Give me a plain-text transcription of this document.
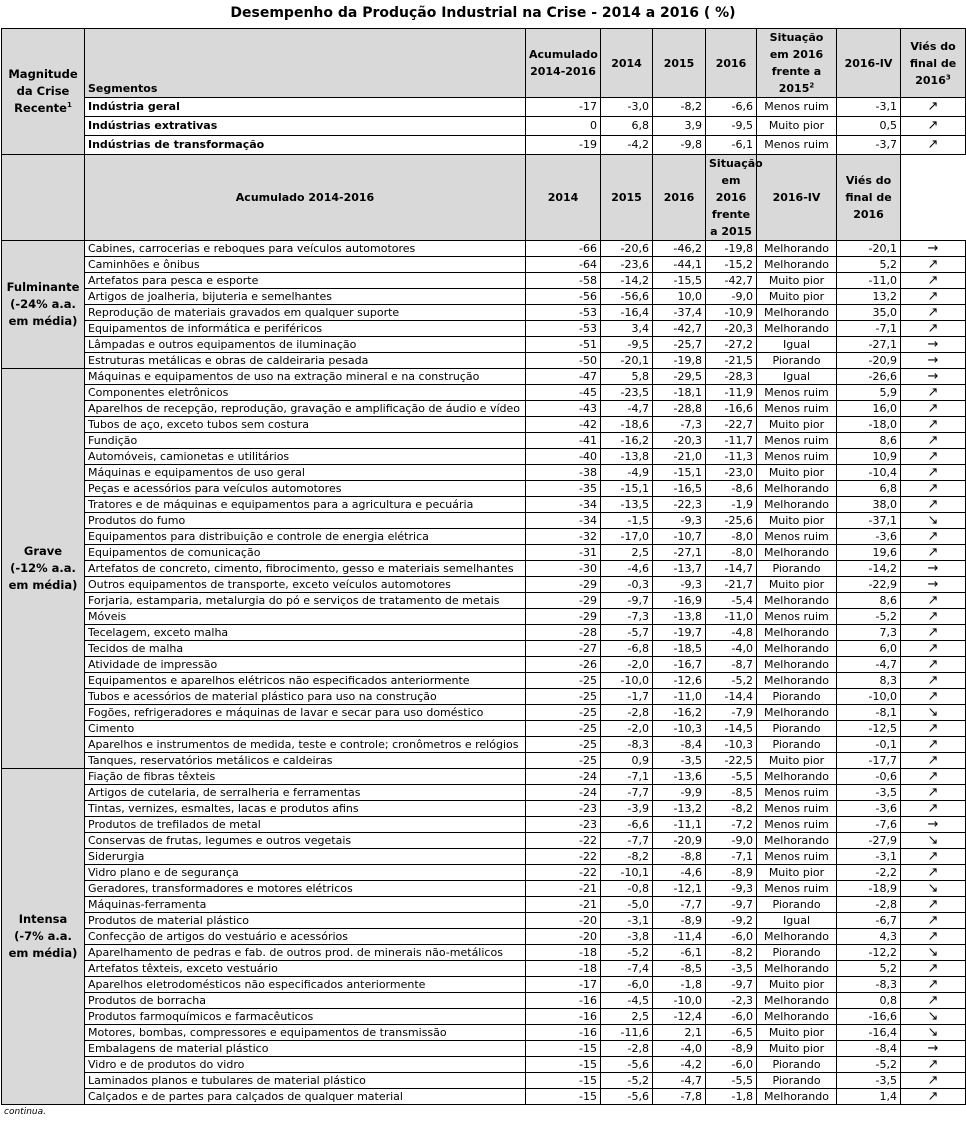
Desempenho da Produção Industrial na Crise - 2014 a 2016 ( %)
Magnitude da Crise Recente$^1$	Segmentos	Acumulado 2014-2016	2014	2015	2016	Situação em 2016 frente a 2015$^2$	2016-IV	Viés do final de 2016$^3$
	Indústria geral	-17	-3,0	-8,2	-6,6	Menos ruim	-3,1	↗
	Indústrias extrativas	0	6,8	3,9	-9,5	Muito pior	0,5	↗
	Indústrias de transformação	-19	-4,2	-9,8	-6,1	Menos ruim	-3,7	↗
	Acumulado 2014-2016	2014	2015	2016	Situação em 2016 frente a 2015	2016-IV	Viés do final de 2016	
Fulminante (-24% a.a. em média)	Cabines, carrocerias e reboques para veículos automotores	-66	-20,6	-46,2	-19,8	Melhorando	-20,1	→
	Caminhões e ônibus	-64	-23,6	-44,1	-15,2	Melhorando	5,2	↗
	Artefatos para pesca e esporte	-58	-14,2	-15,5	-42,7	Muito pior	-11,0	↗
	Artigos de joalheria, bijuteria e semelhantes	-56	-56,6	10,0	-9,0	Muito pior	13,2	↗
	Reprodução de materiais gravados em qualquer suporte	-53	-16,4	-37,4	-10,9	Melhorando	35,0	↗
	Equipamentos de informática e periféricos	-53	3,4	-42,7	-20,3	Melhorando	-7,1	↗
	Lâmpadas e outros equipamentos de iluminação	-51	-9,5	-25,7	-27,2	Igual	-27,1	→
	Estruturas metálicas e obras de caldeiraria pesada	-50	-20,1	-19,8	-21,5	Piorando	-20,9	→
Grave (-12% a.a. em média)	Máquinas e equipamentos de uso na extração mineral e na construção	-47	5,8	-29,5	-28,3	Igual	-26,6	→
	Componentes eletrônicos	-45	-23,5	-18,1	-11,9	Menos ruim	5,9	↗
	Aparelhos de recepção, reprodução, gravação e amplificação de áudio e vídeo	-43	-4,7	-28,8	-16,6	Menos ruim	16,0	↗
	Tubos de aço, exceto tubos sem costura	-42	-18,6	-7,3	-22,7	Muito pior	-18,0	↗
	Fundição	-41	-16,2	-20,3	-11,7	Menos ruim	8,6	↗
	Automóveis, camionetas e utilitários	-40	-13,8	-21,0	-11,3	Menos ruim	10,9	↗
	Máquinas e equipamentos de uso geral	-38	-4,9	-15,1	-23,0	Muito pior	-10,4	↗
	Peças e acessórios para veículos automotores	-35	-15,1	-16,5	-8,6	Melhorando	6,8	↗
	Tratores e de máquinas e equipamentos para a agricultura e pecuária	-34	-13,5	-22,3	-1,9	Melhorando	38,0	↗
	Produtos do fumo	-34	-1,5	-9,3	-25,6	Muito pior	-37,1	↘
	Equipamentos para distribuição e controle de energia elétrica	-32	-17,0	-10,7	-8,0	Menos ruim	-3,6	↗
	Equipamentos de comunicação	-31	2,5	-27,1	-8,0	Melhorando	19,6	↗
	Artefatos de concreto, cimento, fibrocimento, gesso e materiais semelhantes	-30	-4,6	-13,7	-14,7	Piorando	-14,2	→
	Outros equipamentos de transporte, exceto veículos automotores	-29	-0,3	-9,3	-21,7	Muito pior	-22,9	→
	Forjaria, estamparia, metalurgia do pó e serviços de tratamento de metais	-29	-9,7	-16,9	-5,4	Melhorando	8,6	↗
	Móveis	-29	-7,3	-13,8	-11,0	Menos ruim	-5,2	↗
	Tecelagem, exceto malha	-28	-5,7	-19,7	-4,8	Melhorando	7,3	↗
	Tecidos de malha	-27	-6,8	-18,5	-4,0	Melhorando	6,0	↗
	Atividade de impressão	-26	-2,0	-16,7	-8,7	Melhorando	-4,7	↗
	Equipamentos e aparelhos elétricos não especificados anteriormente	-25	-10,0	-12,6	-5,2	Melhorando	8,3	↗
	Tubos e acessórios de material plástico para uso na construção	-25	-1,7	-11,0	-14,4	Piorando	-10,0	↗
	Fogões, refrigeradores e máquinas de lavar e secar para uso doméstico	-25	-2,8	-16,2	-7,9	Melhorando	-8,1	↘
	Cimento	-25	-2,0	-10,3	-14,5	Piorando	-12,5	↗
	Aparelhos e instrumentos de medida, teste e controle; cronômetros e relógios	-25	-8,3	-8,4	-10,3	Piorando	-0,1	↗
	Tanques, reservatórios metálicos e caldeiras	-25	0,9	-3,5	-22,5	Muito pior	-17,7	↗
Intensa (-7% a.a. em média)	Fiação de fibras têxteis	-24	-7,1	-13,6	-5,5	Melhorando	-0,6	↗
	Artigos de cutelaria, de serralheria e ferramentas	-24	-7,7	-9,9	-8,5	Menos ruim	-3,5	↗
	Tintas, vernizes, esmaltes, lacas e produtos afins	-23	-3,9	-13,2	-8,2	Menos ruim	-3,6	↗
	Produtos de trefilados de metal	-23	-6,6	-11,1	-7,2	Menos ruim	-7,6	→
	Conservas de frutas, legumes e outros vegetais	-22	-7,7	-20,9	-9,0	Melhorando	-27,9	↘
	Siderurgia	-22	-8,2	-8,8	-7,1	Menos ruim	-3,1	↗
	Vidro plano e de segurança	-22	-10,1	-4,6	-8,9	Muito pior	-2,2	↗
	Geradores, transformadores e motores elétricos	-21	-0,8	-12,1	-9,3	Menos ruim	-18,9	↘
	Máquinas-ferramenta	-21	-5,0	-7,7	-9,7	Piorando	-2,8	↗
	Produtos de material plástico	-20	-3,1	-8,9	-9,2	Igual	-6,7	↗
	Confecção de artigos do vestuário e acessórios	-20	-3,8	-11,4	-6,0	Melhorando	4,3	↗
	Aparelhamento de pedras e fab. de outros prod. de minerais não-metálicos	-18	-5,2	-6,1	-8,2	Piorando	-12,2	↘
	Artefatos têxteis, exceto vestuário	-18	-7,4	-8,5	-3,5	Melhorando	5,2	↗
	Aparelhos eletrodomésticos não especificados anteriormente	-17	-6,0	-1,8	-9,7	Muito pior	-8,3	↗
	Produtos de borracha	-16	-4,5	-10,0	-2,3	Melhorando	0,8	↗
	Produtos farmoquímicos e farmacêuticos	-16	2,5	-12,4	-6,0	Melhorando	-16,6	↘
	Motores, bombas, compressores e equipamentos de transmissão	-16	-11,6	2,1	-6,5	Muito pior	-16,4	↘
	Embalagens de material plástico	-15	-2,8	-4,0	-8,9	Muito pior	-8,4	→
	Vidro e de produtos do vidro	-15	-5,6	-4,2	-6,0	Piorando	-5,2	↗
	Laminados planos e tubulares de material plástico	-15	-5,2	-4,7	-5,5	Piorando	-3,5	↗
	Calçados e de partes para calçados de qualquer material	-15	-5,6	-7,8	-1,8	Melhorando	1,4	↗
continua.
